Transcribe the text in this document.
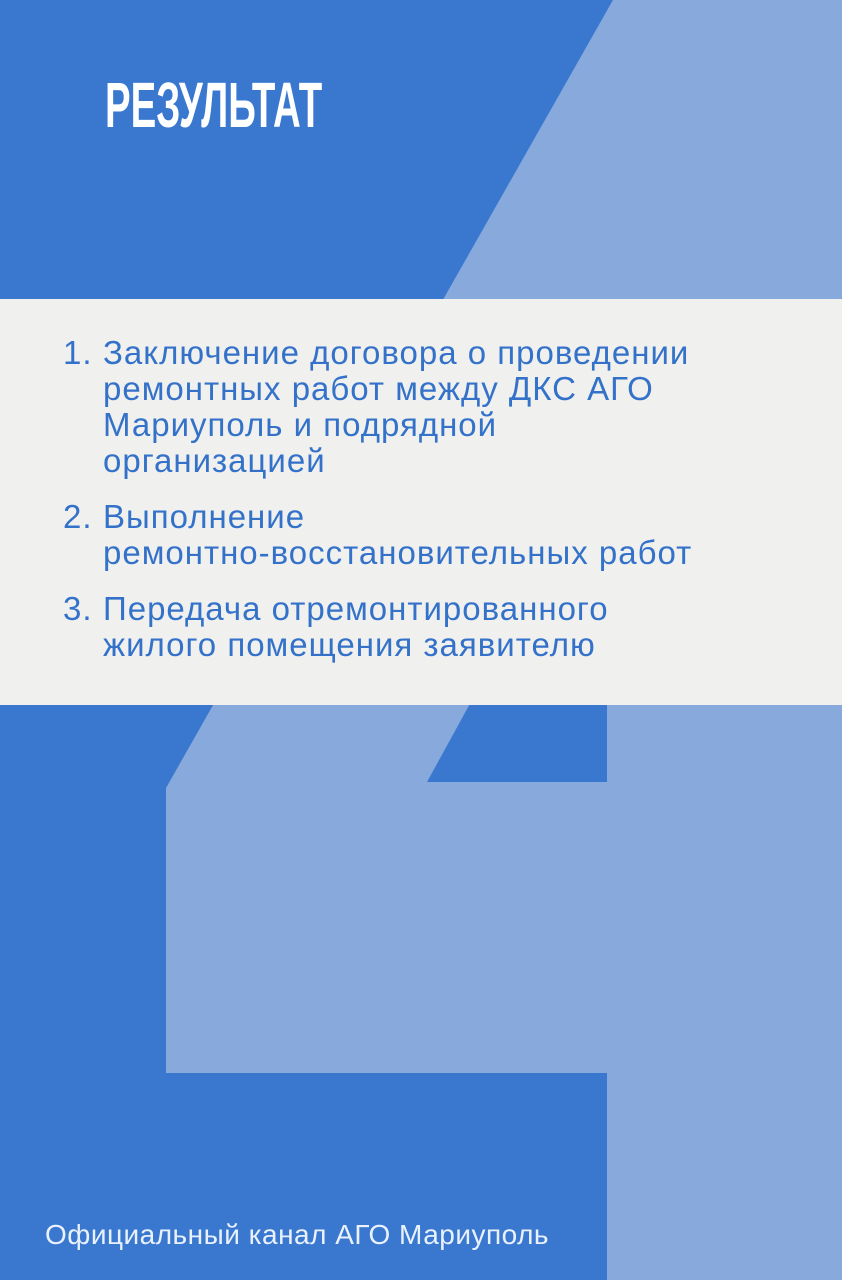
РЕЗУЛЬТАТ
1. Заключение договора о проведении
ремонтных работ между ДКС АГО
Мариуполь и подрядной
организацией
2. Выполнение
ремонтно-восстановительных работ
3. Передача отремонтированного
жилого помещения заявителю
Официальный канал АГО Мариуполь
